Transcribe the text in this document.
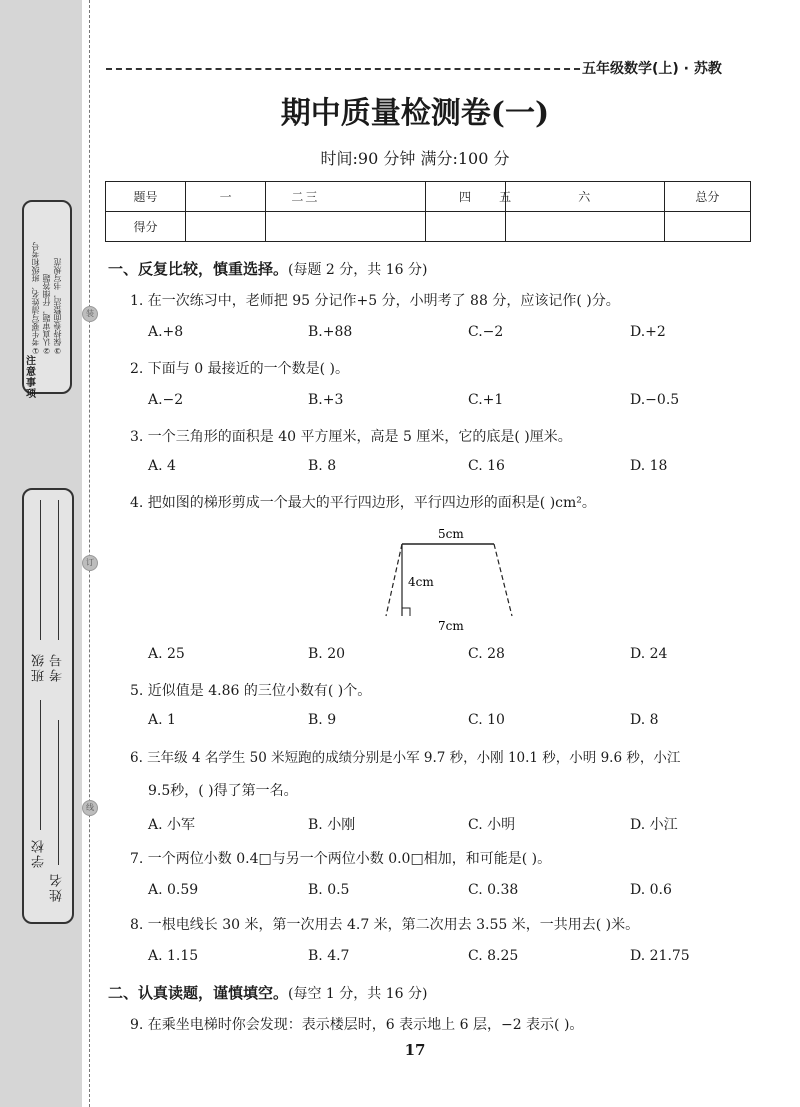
①考生要写清姓名、班级和考号 ②认真审题，仔细答题 ③保持卷面整洁，书写规范
注意事项
学校
姓名
班级 考号
装
订
线
五年级数学(上) · 苏教
期中质量检测卷(一)
时间:90 分钟 满分:100 分
题号	一	二	三	四	五	六	总分
得分							
一、反复比较，慎重选择。(每题 2 分，共 16 分)
1. 在一次练习中，老师把 95 分记作+5 分，小明考了 88 分，应该记作( )分。
A.+8	B.+88	C.−2	D.+2
2. 下面与 0 最接近的一个数是( )。
A.−2	B.+3	C.+1	D.−0.5
3. 一个三角形的面积是 40 平方厘米，高是 5 厘米，它的底是( )厘米。
A. 4	B. 8	C. 16	D. 18
4. 把如图的梯形剪成一个最大的平行四边形，平行四边形的面积是( )cm²。
5cm
4cm
7cm
A. 25	B. 20	C. 28	D. 24
5. 近似值是 4.86 的三位小数有( )个。
A. 1	B. 9	C. 10	D. 8
6. 三年级 4 名学生 50 米短跑的成绩分别是小军 9.7 秒，小刚 10.1 秒，小明 9.6 秒，小江
9.5秒，( )得了第一名。
A. 小军	B. 小刚	C. 小明	D. 小江
7. 一个两位小数 0.4□与另一个两位小数 0.0□相加，和可能是( )。
A. 0.59	B. 0.5	C. 0.38	D. 0.6
8. 一根电线长 30 米，第一次用去 4.7 米，第二次用去 3.55 米，一共用去( )米。
A. 1.15	B. 4.7	C. 8.25	D. 21.75
二、认真读题，谨慎填空。(每空 1 分，共 16 分)
9. 在乘坐电梯时你会发现：表示楼层时，6 表示地上 6 层，−2 表示( )。
17
